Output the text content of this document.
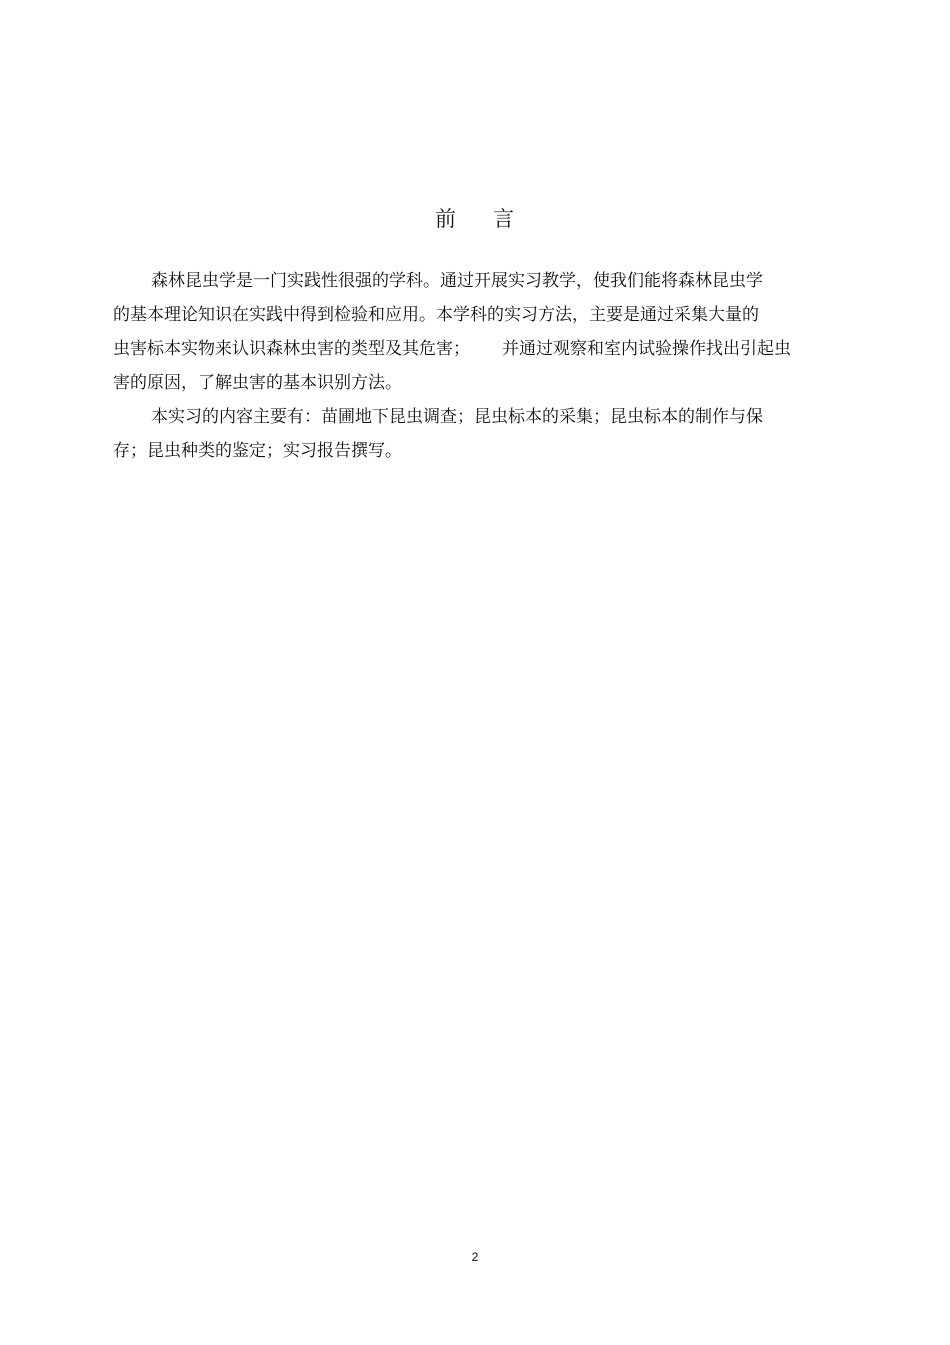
前 言
森林昆虫学是一门实践性很强的学科。通过开展实习教学，使我们能将森林昆虫学
的基本理论知识在实践中得到检验和应用。本学科的实习方法，主要是通过采集大量的
虫害标本实物来认识森林虫害的类型及其危害； 并通过观察和室内试验操作找出引起虫
害的原因，了解虫害的基本识别方法。
本实习的内容主要有：苗圃地下昆虫调查；昆虫标本的采集；昆虫标本的制作与保
存；昆虫种类的鉴定；实习报告撰写。
2
